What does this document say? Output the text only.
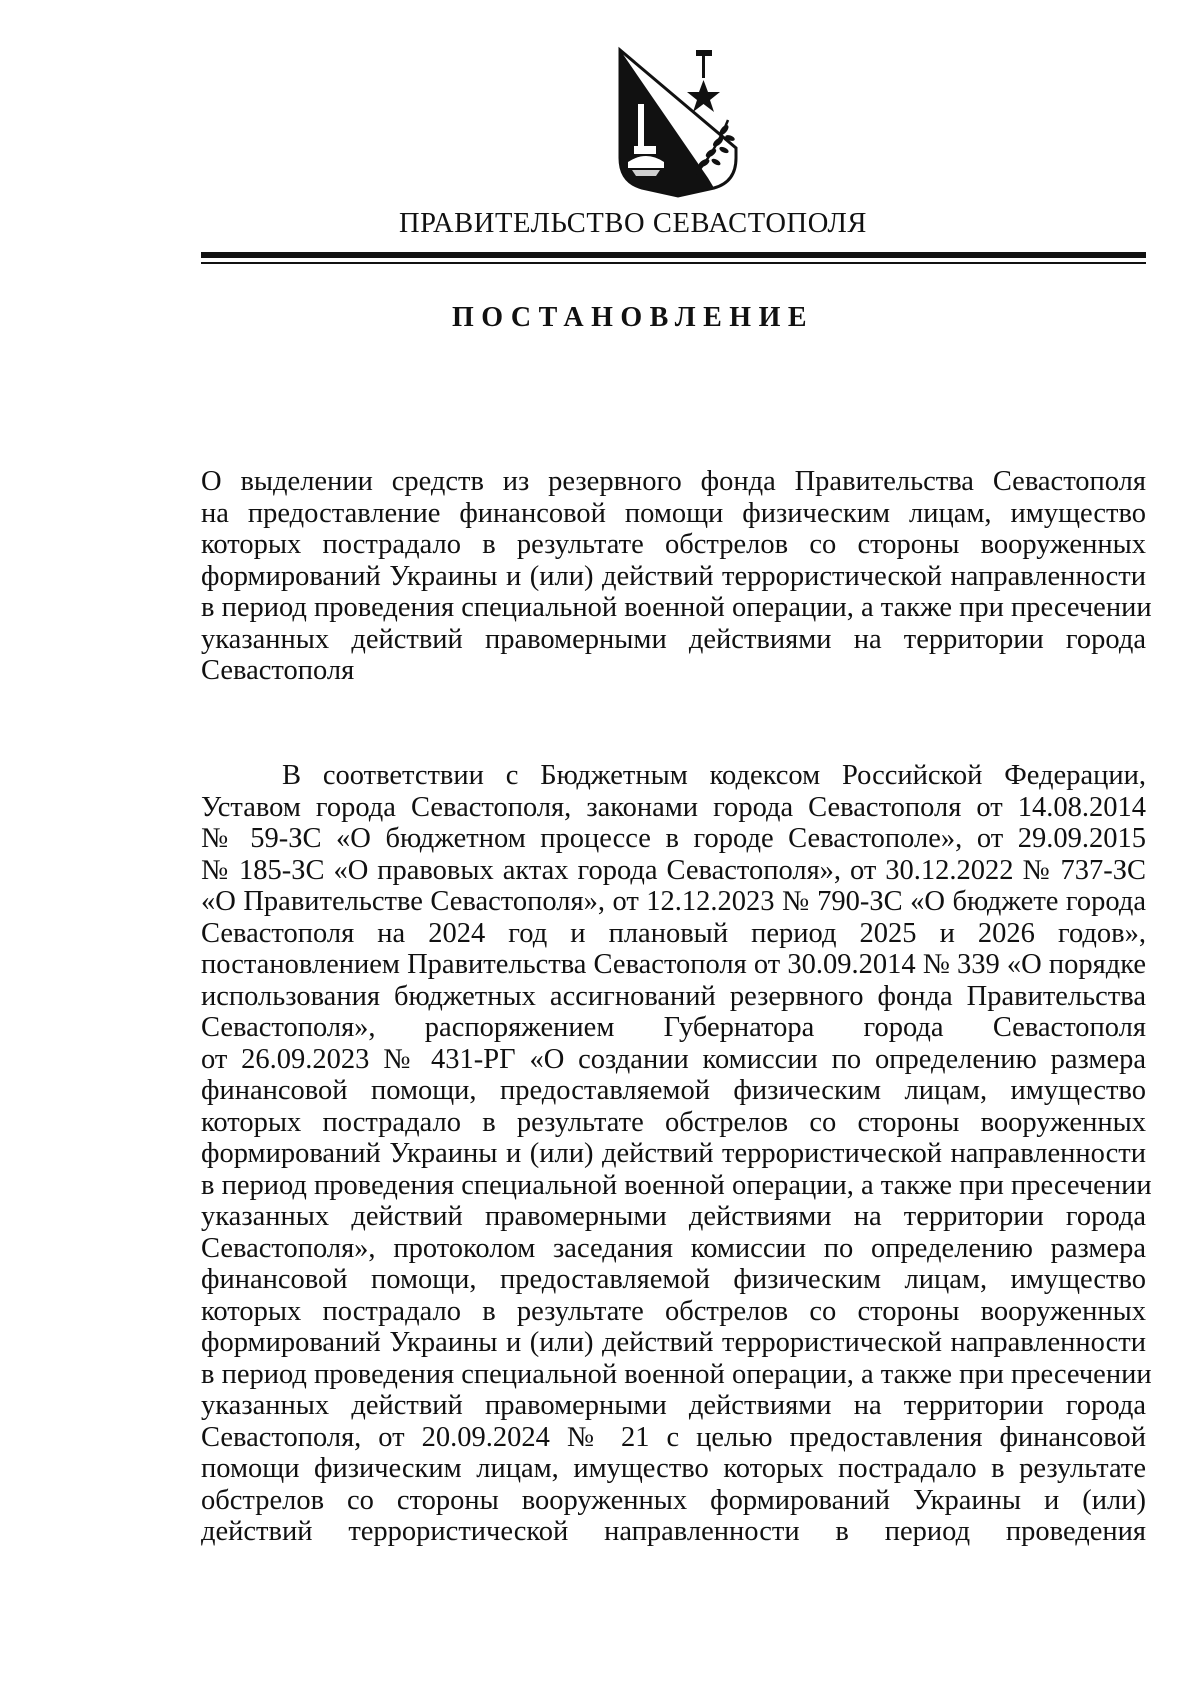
ПРАВИТЕЛЬСТВО СЕВАСТОПОЛЯ
ПОСТАНОВЛЕНИЕ
О выделении средств из резервного фонда Правительства Севастополя
на предоставление финансовой помощи физическим лицам, имущество
которых пострадало в результате обстрелов со стороны вооруженных
формирований Украины и (или) действий террористической направленности
в период проведения специальной военной операции, а также при пресечении
указанных действий правомерными действиями на территории города
Севастополя
В соответствии с Бюджетным кодексом Российской Федерации,
Уставом города Севастополя, законами города Севастополя от 14.08.2014
№ 59-ЗС «О бюджетном процессе в городе Севастополе», от 29.09.2015
№ 185-ЗС «О правовых актах города Севастополя», от 30.12.2022 № 737-ЗС
«О Правительстве Севастополя», от 12.12.2023 № 790-ЗС «О бюджете города
Севастополя на 2024 год и плановый период 2025 и 2026 годов»,
постановлением Правительства Севастополя от 30.09.2014 № 339 «О порядке
использования бюджетных ассигнований резервного фонда Правительства
Севастополя», распоряжением Губернатора города Севастополя
от 26.09.2023 № 431-РГ «О создании комиссии по определению размера
финансовой помощи, предоставляемой физическим лицам, имущество
которых пострадало в результате обстрелов со стороны вооруженных
формирований Украины и (или) действий террористической направленности
в период проведения специальной военной операции, а также при пресечении
указанных действий правомерными действиями на территории города
Севастополя», протоколом заседания комиссии по определению размера
финансовой помощи, предоставляемой физическим лицам, имущество
которых пострадало в результате обстрелов со стороны вооруженных
формирований Украины и (или) действий террористической направленности
в период проведения специальной военной операции, а также при пресечении
указанных действий правомерными действиями на территории города
Севастополя, от 20.09.2024 № 21 с целью предоставления финансовой
помощи физическим лицам, имущество которых пострадало в результате
обстрелов со стороны вооруженных формирований Украины и (или)
действий террористической направленности в период проведения
